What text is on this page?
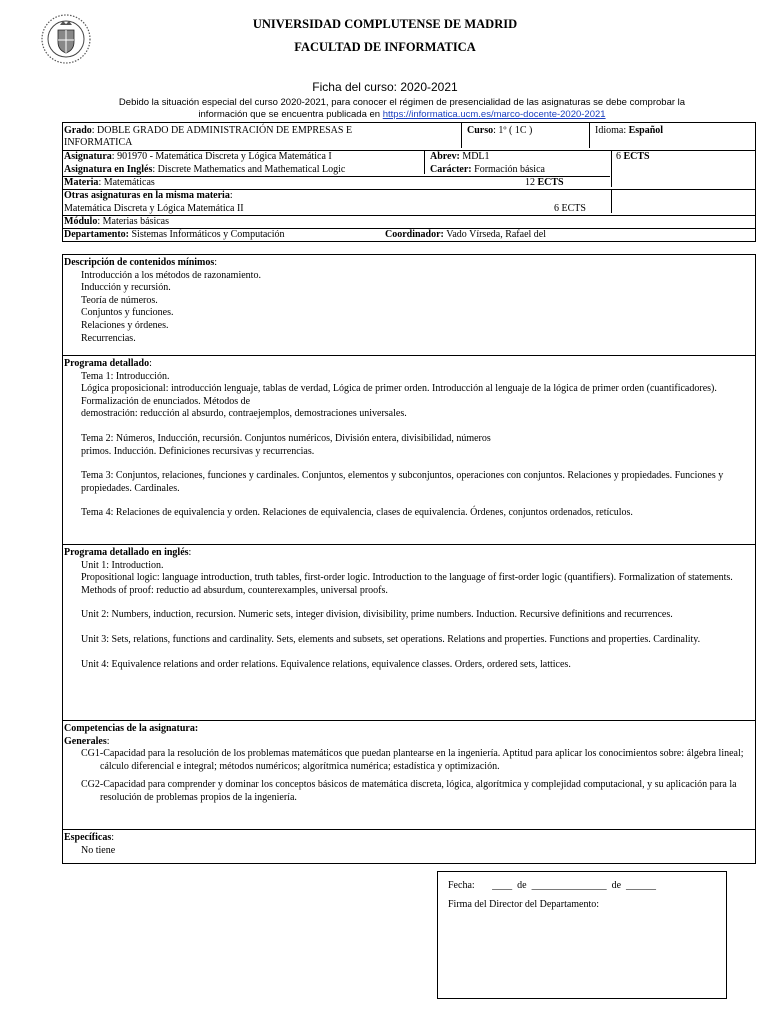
UNIVERSIDAD COMPLUTENSE DE MADRID
FACULTAD DE INFORMATICA
Ficha del curso: 2020-2021
Debido la situación especial del curso 2020-2021, para conocer el régimen de presencialidad de las asignaturas se debe comprobar la
información que se encuentra publicada en https://informatica.ucm.es/marco-docente-2020-2021
Grado: DOBLE GRADO DE ADMINISTRACIÓN DE EMPRESAS E
INFORMATICA
Curso: 1º ( 1C )	Idioma: Español
Asignatura: 901970 - Matemática Discreta y Lógica Matemática I	Abrev: MDL1	6 ECTS
Asignatura en Inglés: Discrete Mathematics and Mathematical Logic	Carácter: Formación básica
Materia: Matemáticas	12 ECTS
Otras asignaturas en la misma materia:
Matemática Discreta y Lógica Matemática II	6 ECTS
Módulo: Materias básicas
Departamento: Sistemas Informáticos y Computación	Coordinador: Vado Vírseda, Rafael del
Descripción de contenidos mínimos:
Introducción a los métodos de razonamiento.
Inducción y recursión.
Teoría de números.
Conjuntos y funciones.
Relaciones y órdenes.
Recurrencias.
Programa detallado:
Tema 1: Introducción.
Lógica proposicional: introducción lenguaje, tablas de verdad, Lógica de primer orden. Introducción al lenguaje de la lógica de primer orden (cuantificadores). Formalización de enunciados. Métodos de
demostración: reducción al absurdo, contraejemplos, demostraciones universales.
Tema 2: Números, Inducción, recursión. Conjuntos numéricos, División entera, divisibilidad, números
primos. Inducción. Definiciones recursivas y recurrencias.
Tema 3: Conjuntos, relaciones, funciones y cardinales. Conjuntos, elementos y subconjuntos, operaciones con conjuntos. Relaciones y propiedades. Funciones y propiedades. Cardinales.
Tema 4: Relaciones de equivalencia y orden. Relaciones de equivalencia, clases de equivalencia. Órdenes, conjuntos ordenados, retículos.
Programa detallado en inglés:
Unit 1: Introduction.
Propositional logic: language introduction, truth tables, first-order logic. Introduction to the language of first-order logic (quantifiers). Formalization of statements. Methods of proof: reductio ad absurdum, counterexamples, universal proofs.
Unit 2: Numbers, induction, recursion. Numeric sets, integer division, divisibility, prime numbers. Induction. Recursive definitions and recurrences.
Unit 3: Sets, relations, functions and cardinality. Sets, elements and subsets, set operations. Relations and properties. Functions and properties. Cardinality.
Unit 4: Equivalence relations and order relations. Equivalence relations, equivalence classes. Orders, ordered sets, lattices.
Competencias de la asignatura:
Generales:
CG1-Capacidad para la resolución de los problemas matemáticos que puedan plantearse en la ingeniería. Aptitud para aplicar los conocimientos sobre: álgebra lineal; cálculo diferencial e integral; métodos numéricos; algorítmica numérica; estadística y optimización.
CG2-Capacidad para comprender y dominar los conceptos básicos de matemática discreta, lógica, algorítmica y complejidad computacional, y su aplicación para la resolución de problemas propios de la ingeniería.
Específicas:
No tiene
Fecha:       ____  de  _______________  de  ______
Firma del Director del Departamento:
